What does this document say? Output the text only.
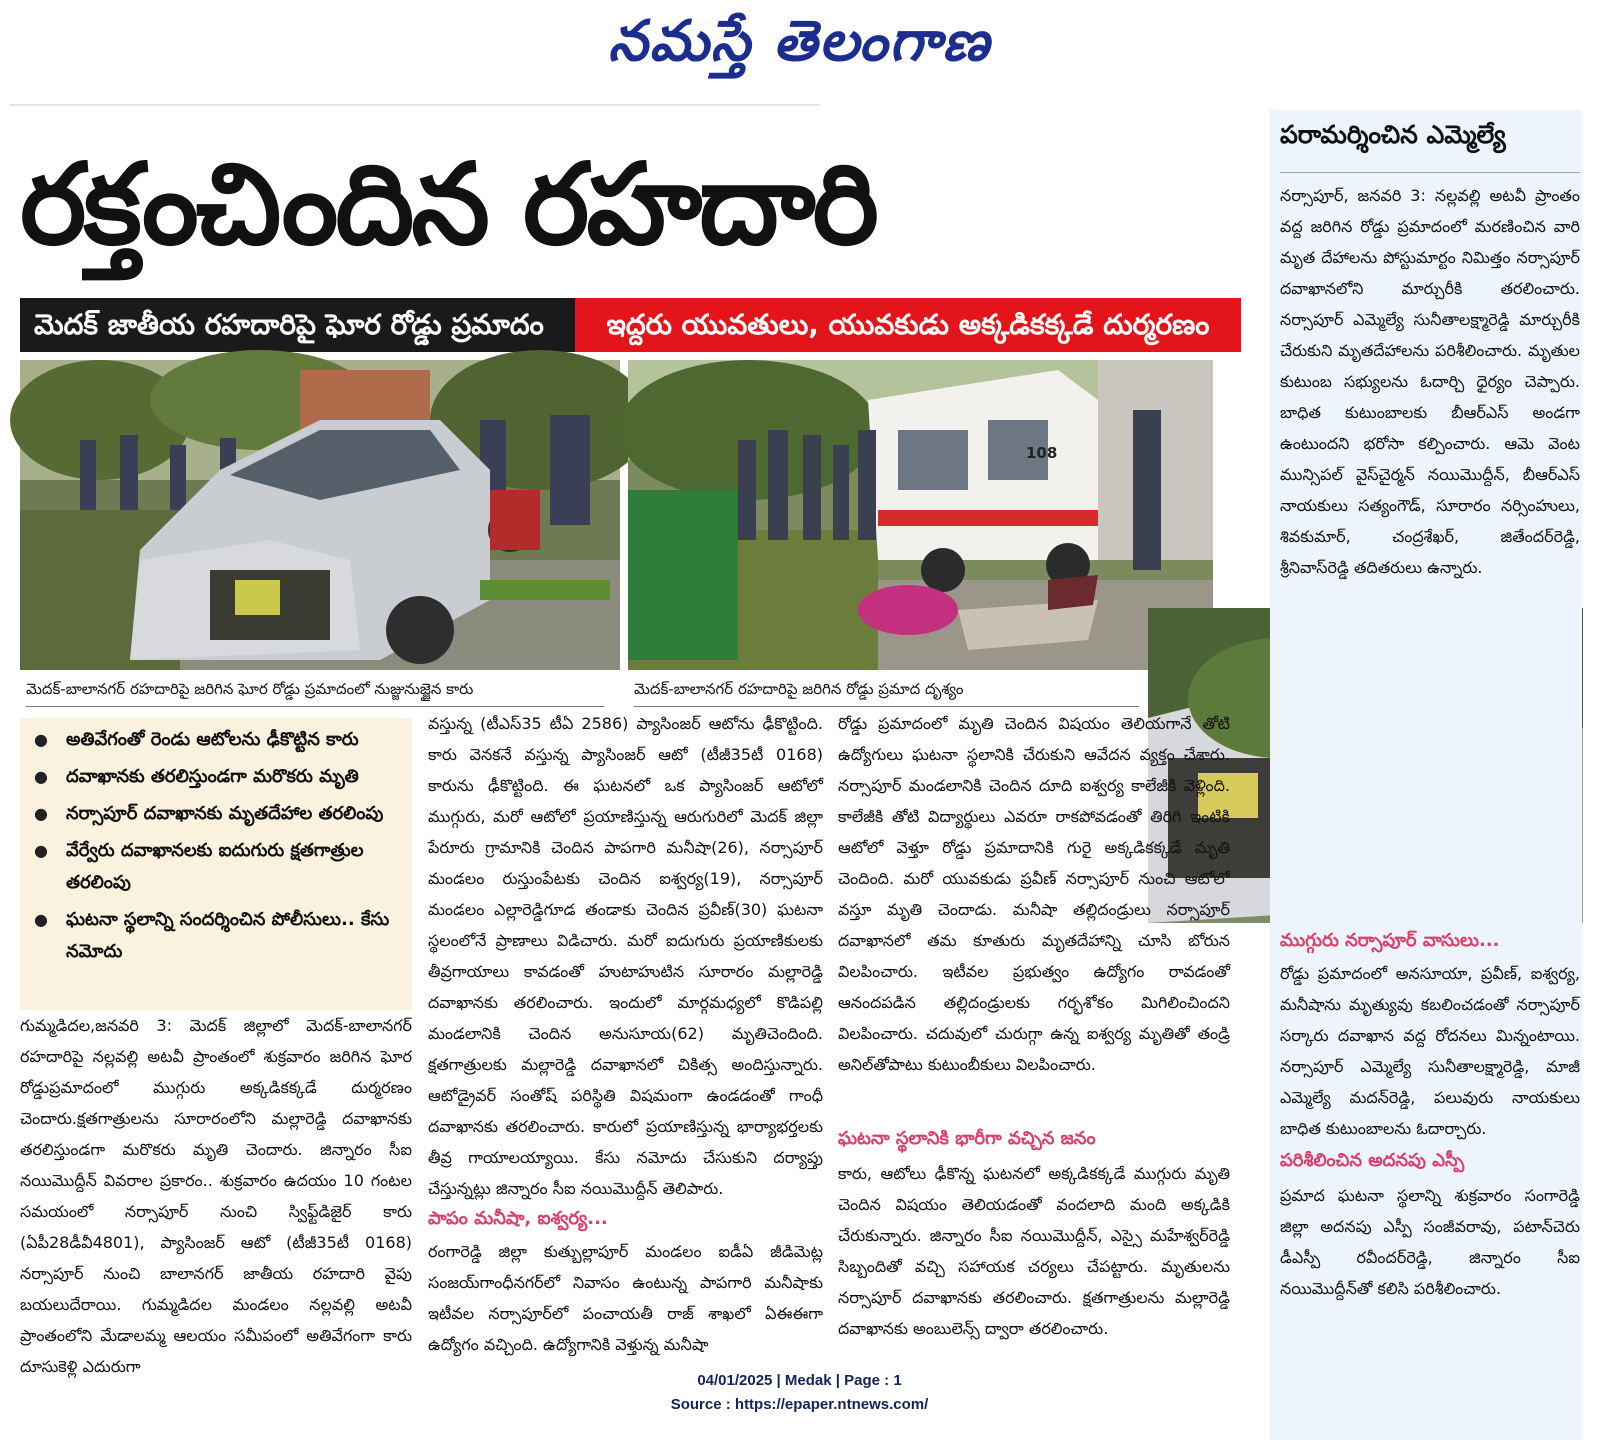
నమస్తే తెలంగాణ
రక్తంచిందిన రహదారి
మెదక్ జాతీయ రహదారిపై ఘోర రోడ్డు ప్రమాదం	ఇద్దరు యువతులు, యువకుడు అక్కడికక్కడే దుర్మరణం
మెదక్-బాలానగర్ రహదారిపై జరిగిన ఘోర రోడ్డు ప్రమాదంలో నుజ్జునుజ్జైన కారు
108
మెదక్-బాలానగర్ రహదారిపై జరిగిన రోడ్డు ప్రమాద దృశ్యం
● అతివేగంతో రెండు ఆటోలను ఢీకొట్టిన కారు
● దవాఖానకు తరలిస్తుండగా మరొకరు మృతి
● నర్సాపూర్ దవాఖానకు మృతదేహాల తరలింపు
● వేర్వేరు దవాఖానలకు ఐదుగురు క్షతగాత్రుల తరలింపు
● ఘటనా స్థలాన్ని సందర్శించిన పోలీసులు.. కేసు నమోదు
గుమ్మడిదల,జనవరి 3: మెదక్ జిల్లాలో మెదక్-బాలానగర్ రహదారిపై నల్లవల్లి అటవీ ప్రాంతంలో శుక్రవారం జరిగిన ఘోర రోడ్డుప్రమాదంలో ముగ్గురు అక్కడికక్కడే దుర్మరణం చెందారు.క్షతగాత్రులను సూరారంలోని మల్లారెడ్డి దవాఖానకు తరలిస్తుండగా మరొకరు మృతి చెందారు. జిన్నారం సీఐ నయిమొద్దీన్ వివరాల ప్రకారం.. శుక్రవారం ఉదయం 10 గంటల సమయంలో నర్సాపూర్ నుంచి స్విఫ్ట్‌డిజైర్ కారు (ఏపీ28డీవీ4801), ప్యాసింజర్ ఆటో (టీజీ35టీ 0168) నర్సాపూర్ నుంచి బాలానగర్ జాతీయ రహదారి వైపు బయలుదేరాయి. గుమ్మడిదల మండలం నల్లవల్లి అటవీ ప్రాంతంలోని మేడాలమ్మ ఆలయం సమీపంలో అతివేగంగా కారు దూసుకెళ్లి ఎదురుగా
వస్తున్న (టీఎస్35 టీఏ 2586) ప్యాసింజర్ ఆటోను ఢీకొట్టింది. కారు వెనకనే వస్తున్న ప్యాసింజర్ ఆటో (టీజీ35టీ 0168) కారును ఢీకొట్టింది. ఈ ఘటనలో ఒక ప్యాసింజర్ ఆటోలో ముగ్గురు, మరో ఆటోలో ప్రయాణిస్తున్న ఆరుగురిలో మెదక్ జిల్లా పేరూరు గ్రామానికి చెందిన పాపగారి మనీషా(26), నర్సాపూర్ మండలం రుస్తుంపేటకు చెందిన ఐశ్వర్య(19), నర్సాపూర్ మండలం ఎల్లారెడ్డిగూడ తండాకు చెందిన ప్రవీణ్(30) ఘటనా స్థలంలోనే ప్రాణాలు విడిచారు. మరో ఐదుగురు ప్రయాణికులకు తీవ్రగాయాలు కావడంతో హుటాహుటిన సూరారం మల్లారెడ్డి దవాఖానకు తరలించారు. ఇందులో మార్గమధ్యలో కొడిపల్లి మండలానికి చెందిన అనుసూయ(62) మృతిచెందింది. క్షతగాత్రులకు మల్లారెడ్డి దవాఖానలో చికిత్స అందిస్తున్నారు. ఆటోడ్రైవర్ సంతోష్ పరిస్థితి విషమంగా ఉండడంతో గాంధీ దవాఖానకు తరలించారు. కారులో ప్రయాణిస్తున్న భార్యాభర్తలకు తీవ్ర గాయాలయ్యాయి. కేసు నమోదు చేసుకుని దర్యాప్తు చేస్తున్నట్లు జిన్నారం సీఐ నయిమొద్దీన్ తెలిపారు.
పాపం మనీషా, ఐశ్వర్య...
రంగారెడ్డి జిల్లా కుత్బుల్లాపూర్ మండలం ఐడీఏ జీడిమెట్ల సంజయ్‌గాంధీనగర్‌లో నివాసం ఉంటున్న పాపగారి మనీషాకు ఇటీవల నర్సాపూర్‌లో పంచాయతీ రాజ్ శాఖలో ఏఈఈగా ఉద్యోగం వచ్చింది. ఉద్యోగానికి వెళ్తున్న మనీషా
రోడ్డు ప్రమాదంలో మృతి చెందిన విషయం తెలియగానే తోటి ఉద్యోగులు ఘటనా స్థలానికి చేరుకుని ఆవేదన వ్యక్తం చేశారు. నర్సాపూర్ మండలానికి చెందిన దూది ఐశ్వర్య కాలేజీకి వెళ్లింది. కాలేజీకి తోటి విద్యార్థులు ఎవరూ రాకపోవడంతో తిరిగి ఇంటికి ఆటోలో వెళ్తూ రోడ్డు ప్రమాదానికి గురై అక్కడికక్కడే మృతి చెందింది. మరో యువకుడు ప్రవీణ్ నర్సాపూర్ నుంచి ఆటోలో వస్తూ మృతి చెందాడు. మనీషా తల్లిదండ్రులు నర్సాపూర్ దవాఖానలో తమ కూతురు మృతదేహాన్ని చూసి బోరున విలపించారు. ఇటీవల ప్రభుత్వం ఉద్యోగం రావడంతో ఆనందపడిన తల్లిదండ్రులకు గర్భశోకం మిగిలించిందని విలపించారు. చదువులో చురుగ్గా ఉన్న ఐశ్వర్య మృతితో తండ్రి అనిల్‌తోపాటు కుటుంబీకులు విలపించారు.
ఘటనా స్థలానికి భారీగా వచ్చిన జనం
కారు, ఆటోలు ఢీకొన్న ఘటనలో అక్కడికక్కడే ముగ్గురు మృతి చెందిన విషయం తెలియడంతో వందలాది మంది అక్కడికి చేరుకున్నారు. జిన్నారం సీఐ నయిమొద్దీన్, ఎస్సై మహేశ్వర్‌రెడ్డి సిబ్బందితో వచ్చి సహాయక చర్యలు చేపట్టారు. మృతులను నర్సాపూర్ దవాఖానకు తరలించారు. క్షతగాత్రులను మల్లారెడ్డి దవాఖానకు అంబులెన్స్ ద్వారా తరలించారు.
పరామర్శించిన ఎమ్మెల్యే
నర్సాపూర్, జనవరి 3: నల్లవల్లి అటవీ ప్రాంతం వద్ద జరిగిన రోడ్డు ప్రమాదంలో మరణించిన వారి మృత దేహాలను పోస్టుమార్టం నిమిత్తం నర్సాపూర్ దవాఖానలోని మార్చురీకి తరలించారు. నర్సాపూర్ ఎమ్మెల్యే సునీతాలక్ష్మారెడ్డి మార్చురీకి చేరుకుని మృతదేహాలను పరిశీలించారు. మృతుల కుటుంబ సభ్యులను ఓదార్చి ధైర్యం చెప్పారు. బాధిత కుటుంబాలకు బీఆర్‌ఎస్ అండగా ఉంటుందని భరోసా కల్పించారు. ఆమె వెంట మున్సిపల్ వైస్‌చైర్మన్ నయిమొద్దీన్, బీఆర్‌ఎస్ నాయకులు సత్యంగౌడ్, సూరారం నర్సింహులు, శివకుమార్, చంద్రశేఖర్, జితేందర్‌రెడ్డి, శ్రీనివాస్‌రెడ్డి తదితరులు ఉన్నారు.
ముగ్గురు నర్సాపూర్ వాసులు...
రోడ్డు ప్రమాదంలో అనసూయా, ప్రవీణ్, ఐశ్వర్య, మనీషాను మృత్యువు కబలించడంతో నర్సాపూర్ సర్కారు దవాఖాన వద్ద రోదనలు మిన్నంటాయి. నర్సాపూర్ ఎమ్మెల్యే సునీతాలక్ష్మారెడ్డి, మాజీ ఎమ్మెల్యే మదన్‌రెడ్డి, పలువురు నాయకులు బాధిత కుటుంబాలను ఓదార్చారు.
పరిశీలించిన అదనపు ఎస్పీ
ప్రమాద ఘటనా స్థలాన్ని శుక్రవారం సంగారెడ్డి జిల్లా అదనపు ఎస్పీ సంజీవరావు, పటాన్‌చెరు డీఎస్పీ రవీందర్‌రెడ్డి, జిన్నారం సీఐ నయిమొద్దీన్‌తో కలిసి పరిశీలించారు.
04/01/2025 | Medak | Page : 1
Source : https://epaper.ntnews.com/
